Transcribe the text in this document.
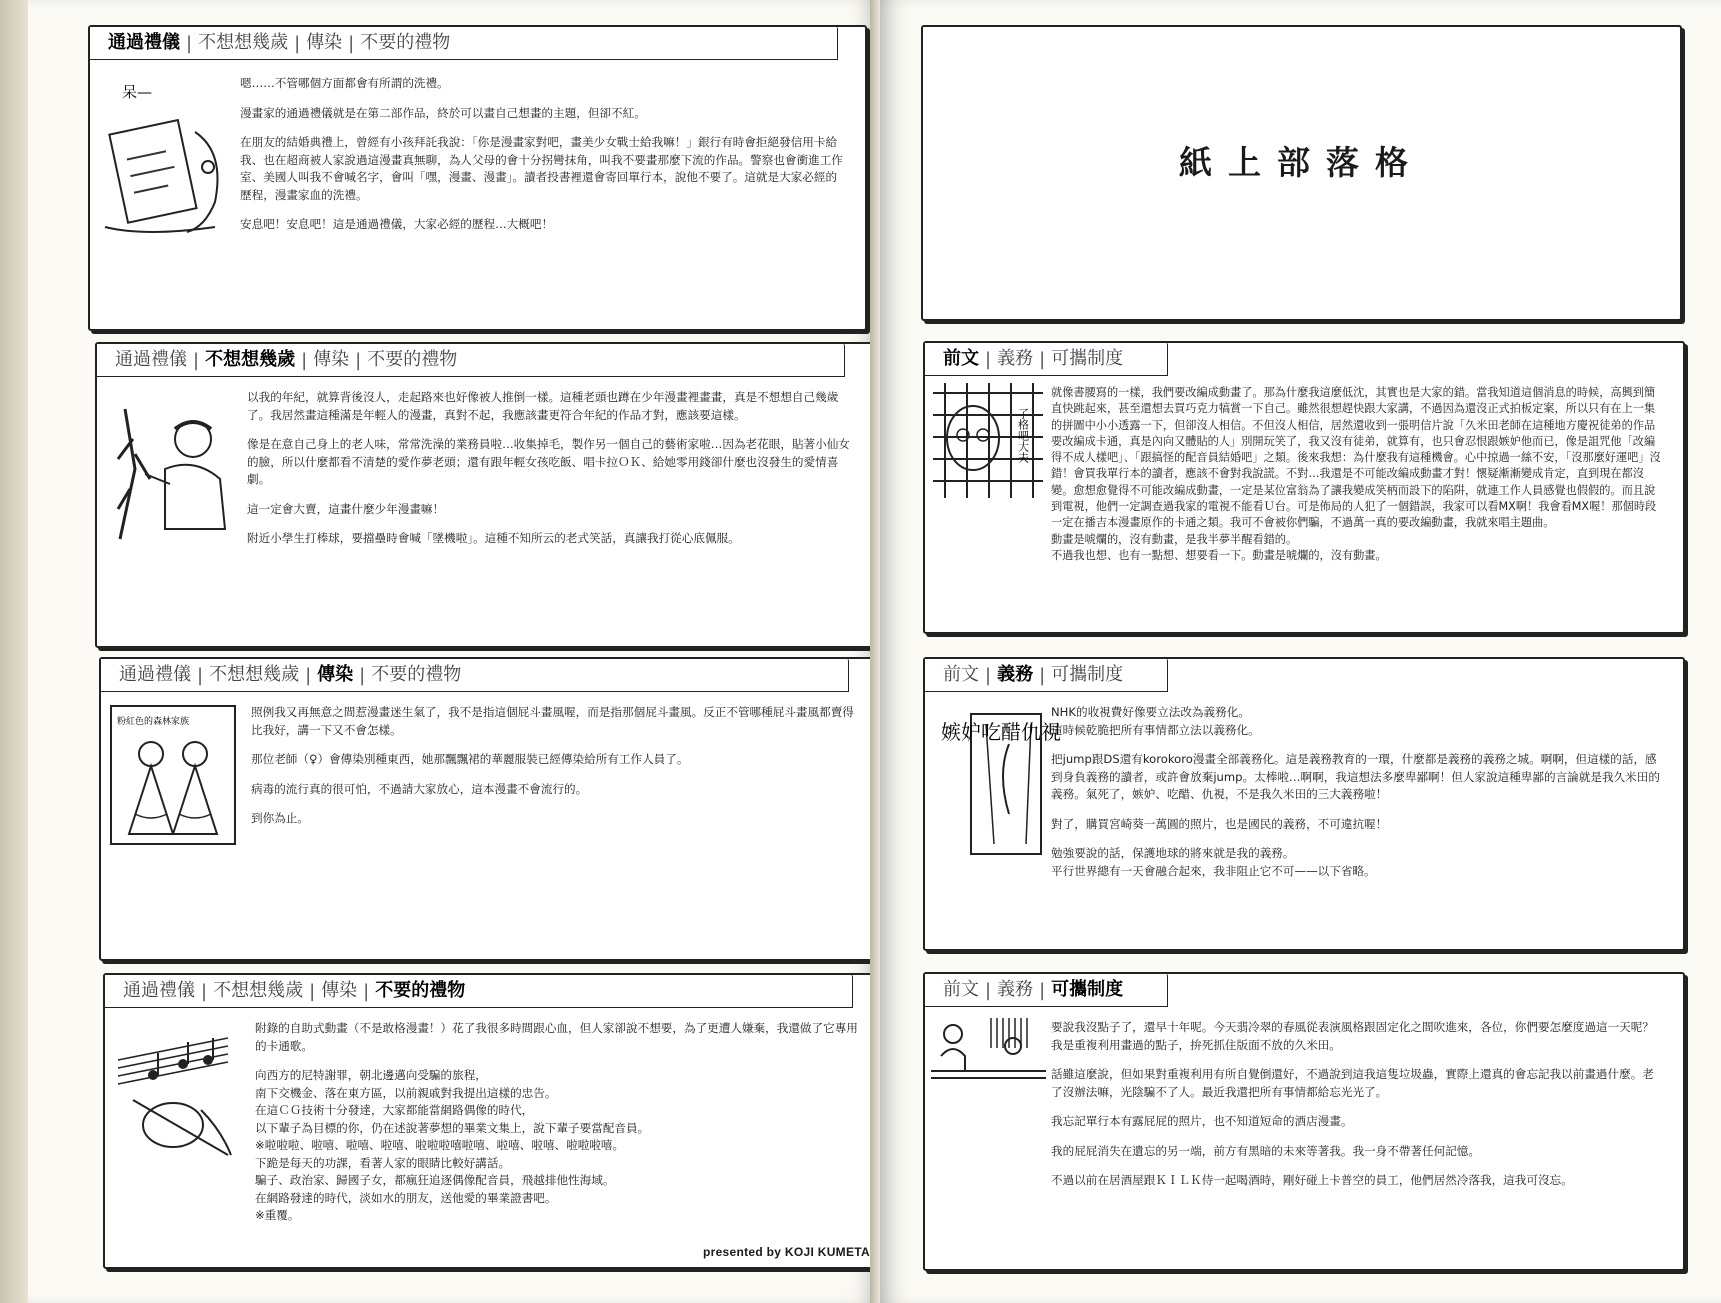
通過禮儀 | 不想想幾歲 | 傳染 | 不要的禮物
呆—	嗯……不管哪個方面都會有所謂的洗禮。

漫畫家的通過禮儀就是在第二部作品，終於可以畫自己想畫的主題，但卻不紅。

在朋友的結婚典禮上，曾經有小孩拜託我說：「你是漫畫家對吧，畫美少女戰士給我嘛！」銀行有時會拒絕發信用卡給我、也在超商被人家說過這漫畫真無聊，為人父母的會十分拐彎抹角，叫我不要畫那麼下流的作品。警察也會衝進工作室、美國人叫我不會喊名字，會叫「嘿，漫畫、漫畫」。讀者投書裡還會寄回單行本，說他不要了。這就是大家必經的歷程，漫畫家血的洗禮。

安息吧！安息吧！這是通過禮儀，大家必經的歷程…大概吧！

通過禮儀 | 不想想幾歲 | 傳染 | 不要的禮物

以我的年紀，就算背後沒人，走起路來也好像被人推倒一樣。這種老頭也蹲在少年漫畫裡畫畫，真是不想想自己幾歲了。我居然畫這種滿是年輕人的漫畫，真對不起，我應該畫更符合年紀的作品才對，應該要這樣。

像是在意自己身上的老人味，常常洗澡的業務員啦…收集掉毛，製作另一個自己的藝術家啦…因為老花眼，貼著小仙女的臉，所以什麼都看不清楚的愛作夢老頭；還有跟年輕女孩吃飯、唱卡拉ＯＫ、給她零用錢卻什麼也沒發生的愛情喜劇。

這一定會大賣，這畫什麼少年漫畫嘛！

附近小學生打棒球，要擋壘時會喊「墜機啦」。這種不知所云的老式笑話，真讓我打從心底佩服。

通過禮儀 | 不想想幾歲 | 傳染 | 不要的禮物
粉紅色的森林家族

照例我又再無意之間惹漫畫迷生氣了，我不是指這個屁斗畫風喔，而是指那個屁斗畫風。反正不管哪種屁斗畫風都賣得比我好，講一下又不會怎樣。

那位老師（♀）會傳染別種東西，她那飄飄裙的華麗服裝已經傳染給所有工作人員了。

病毒的流行真的很可怕，不過請大家放心，這本漫畫不會流行的。

到你為止。

通過禮儀 | 不想想幾歲 | 傳染 | 不要的禮物

附錄的自助式動畫（不是敢格漫畫！）花了我很多時間跟心血，但人家卻說不想要，為了更遭人嫌棄，我還做了它專用的卡通歌。

向西方的尼特謝罪，朝北邊邁向受騙的旅程，

南下交機金、落在東方區，以前親戚對我提出這樣的忠告。

在這ＣＧ技術十分發達，大家都能當網路偶像的時代，

以下輩子為目標的你，仍在述說著夢想的畢業文集上，說下輩子要當配音員。

※啦啦啦、啦嘻、啦嘻、啦嘻、啦啦啦嘻啦嘻、啦嘻、啦嘻、啦啦啦嘻。

下跪是每天的功課，看著人家的眼睛比較好講話。

騙子、政治家、歸國子女，都瘋狂追逐偶像配音員，飛越排他性海域。

在網路發達的時代，淡如水的朋友，送他愛的畢業證書吧。

※重覆。

presented by KOJI KUMETA
紙上部落格
前文 | 義務 | 可攜制度
了格吧大夫

就像書腰寫的一樣，我們要改編成動畫了。那為什麼我這麼低沈，其實也是大家的錯。當我知道這個消息的時候，高興到簡直快跳起來，甚至還想去買巧克力犒賞一下自己。雖然很想趕快跟大家講，不過因為還沒正式拍板定案，所以只有在上一集的拼圖中小小透露一下，但卻沒人相信。不但沒人相信，居然還收到一張明信片說「久米田老師在這種地方慶祝徒弟的作品要改編成卡通，真是內向又體貼的人」別開玩笑了，我又沒有徒弟，就算有，也只會忍恨跟嫉妒他而已，像是詛咒他「改編得不成人樣吧」、「跟搞怪的配音員結婚吧」之類。後來我想：為什麼我有這種機會。心中掠過一絲不安，「沒那麼好運吧」沒錯！會買我單行本的讀者，應該不會對我說謊。不對…我還是不可能改編成動畫才對！懷疑漸漸變成肯定，直到現在都沒變。愈想愈覺得不可能改編成動畫，一定是某位富翁為了讓我變成笑柄而設下的陷阱，就連工作人員感覺也假假的。而且說到電視，他們一定調查過我家的電視不能看Ｕ台。可是佈局的人犯了一個錯誤，我家可以看MX啊！我會看MX喔！那個時段一定在播吉本漫畫原作的卡通之類。我可不會被你們騙，不過萬一真的要改編動畫，我就來唱主題曲。

動畫是唬爛的，沒有動畫，是我半夢半醒看錯的。

不過我也想、也有一點想、想要看一下。動畫是唬爛的，沒有動畫。

前文 | 義務 | 可攜制度
嫉妒吃醋仇視

NHK的收視費好像要立法改為義務化。

這時候乾脆把所有事情都立法以義務化。

把jump跟DS還有korokoro漫畫全部義務化。這是義務教育的一環，什麼都是義務的義務之城。啊啊，但這樣的話，感到身負義務的讀者，或許會放棄jump。太棒啦…啊啊，我這想法多麼卑鄙啊！但人家說這種卑鄙的言論就是我久米田的義務。氣死了，嫉妒、吃醋、仇視，不是我久米田的三大義務啦！

對了，購買宮崎葵一萬圓的照片，也是國民的義務，不可違抗喔！

勉強要說的話，保護地球的將來就是我的義務。

平行世界總有一天會融合起來，我非阻止它不可——以下省略。

前文 | 義務 | 可攜制度

要說我沒點子了，還早十年呢。今天翡冷翠的春風從表演風格跟固定化之間吹進來，各位，你們要怎麼度過這一天呢？我是重複利用畫過的點子，拚死抓住版面不放的久米田。

話雖這麼說，但如果對重複利用有所自覺倒還好，不過說到這我這隻垃圾蟲，實際上還真的會忘記我以前畫過什麼。老了沒辦法嘛，光陰騙不了人。最近我還把所有事情都給忘光光了。

我忘記單行本有露屁屁的照片，也不知道短命的酒店漫畫。

我的屁屁消失在遺忘的另一端，前方有黑暗的未來等著我。我一身不帶著任何記憶。

不過以前在居酒屋跟ＫＩＬＫ侍一起喝酒時，剛好碰上卡普空的員工，他們居然冷落我，這我可沒忘。
